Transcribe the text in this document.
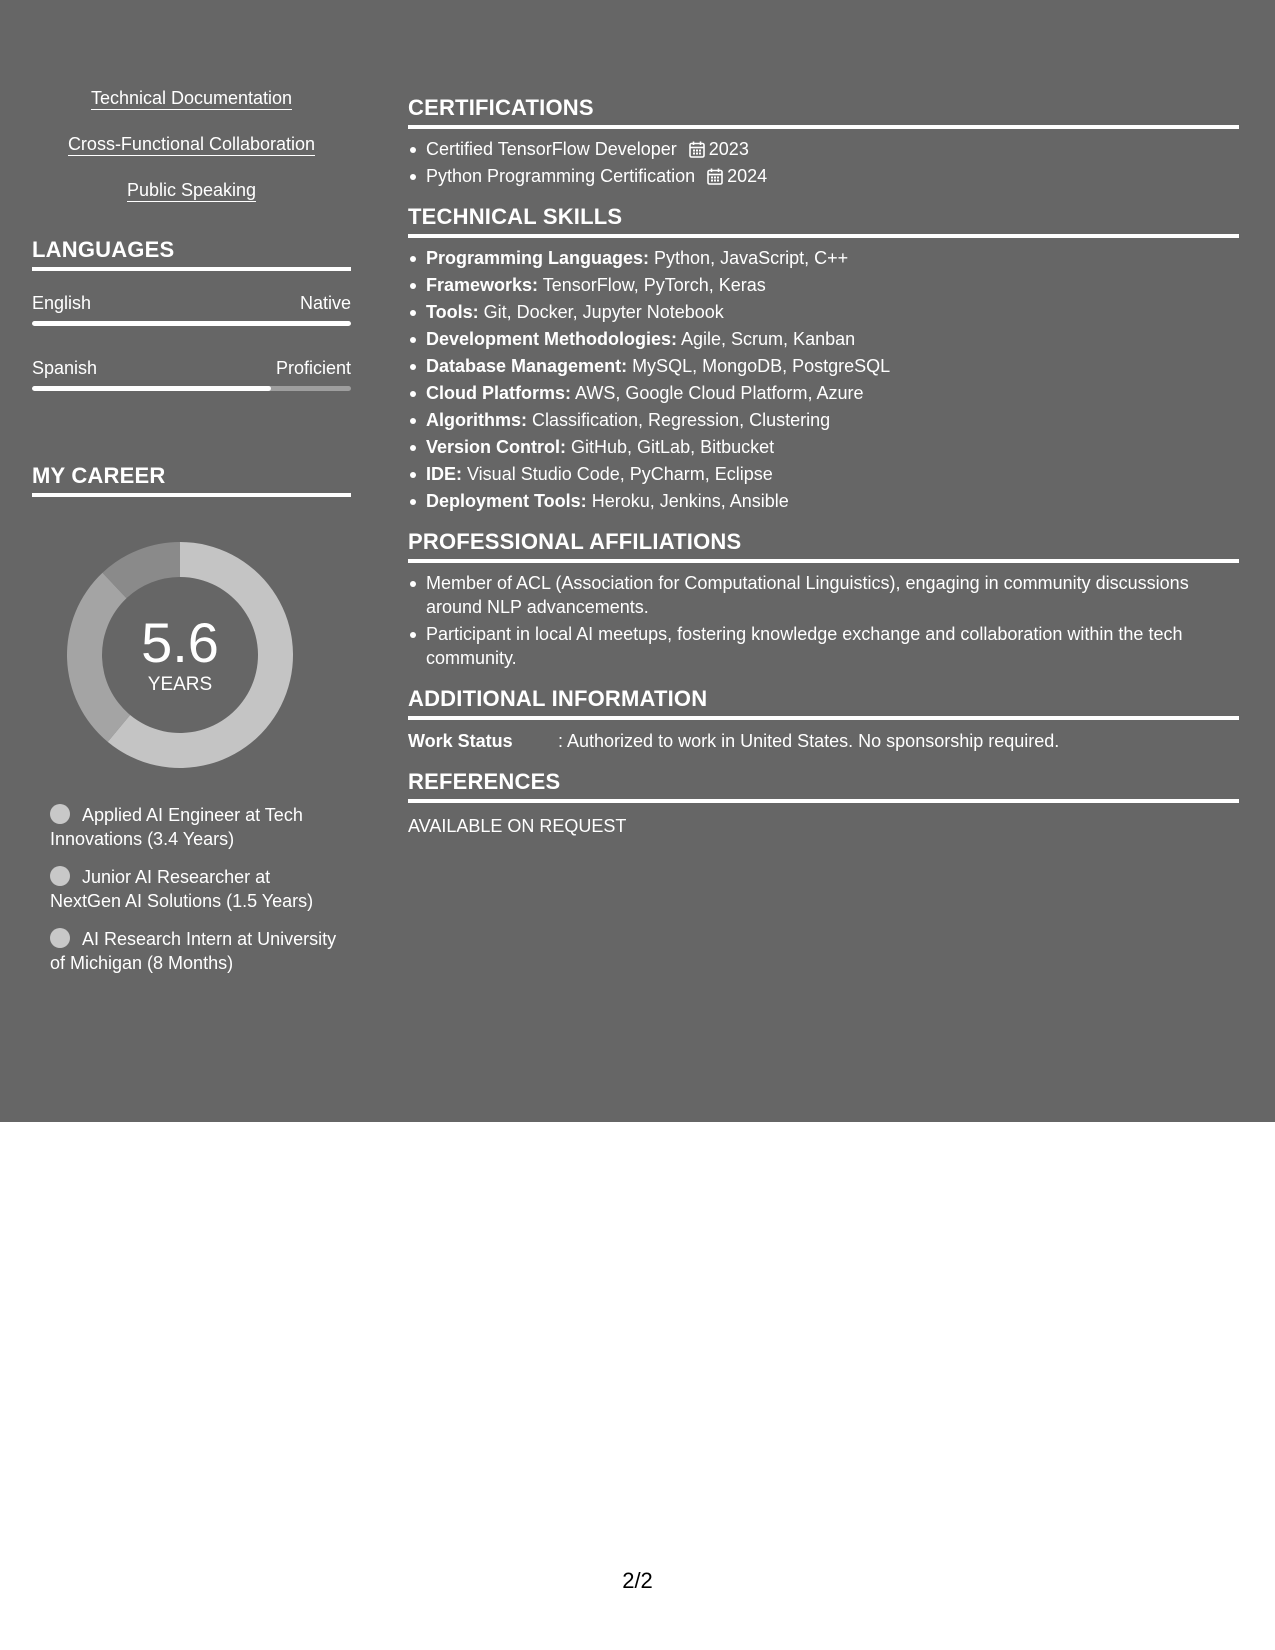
Technical Documentation
Cross-Functional Collaboration
Public Speaking
LANGUAGES
English	Native
Spanish	Proficient
MY CAREER
5.6
YEARS
Applied AI Engineer at Tech Innovations (3.4 Years)
Junior AI Researcher at NextGen AI Solutions (1.5 Years)
AI Research Intern at University of Michigan (8 Months)
CERTIFICATIONS
Certified TensorFlow Developer 2023
Python Programming Certification 2024
TECHNICAL SKILLS
Programming Languages: Python, JavaScript, C++
Frameworks: TensorFlow, PyTorch, Keras
Tools: Git, Docker, Jupyter Notebook
Development Methodologies: Agile, Scrum, Kanban
Database Management: MySQL, MongoDB, PostgreSQL
Cloud Platforms: AWS, Google Cloud Platform, Azure
Algorithms: Classification, Regression, Clustering
Version Control: GitHub, GitLab, Bitbucket
IDE: Visual Studio Code, PyCharm, Eclipse
Deployment Tools: Heroku, Jenkins, Ansible
PROFESSIONAL AFFILIATIONS
Member of ACL (Association for Computational Linguistics), engaging in community discussions around NLP advancements.
Participant in local AI meetups, fostering knowledge exchange and collaboration within the tech community.
ADDITIONAL INFORMATION
Work Status	: Authorized to work in United States. No sponsorship required.
REFERENCES
AVAILABLE ON REQUEST
2/2
